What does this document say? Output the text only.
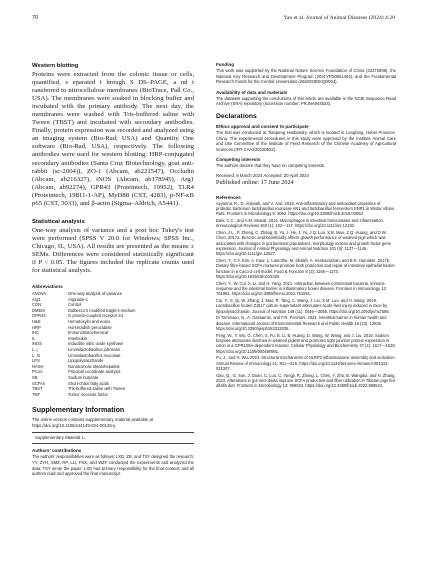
70	Yao et al. Journal of Animal Diseases (2024) 4:20
Western blotting

Proteins were extracted from the colonic tissue or cells, quantified, s eparated t hrough S DS–PAGE, a nd t ransferred to nitrocellulose membranes (BioTrace, Pall Co., USA). The membranes were soaked in blocking buffer and incubated with the primary antibody. The next day, the membranes were washed with Tris-buffered saline with Tween (TBST) and incubated with secondary antibodies. Finally, protein expression was recorded and analyzed using an imaging system (Bio-Rad, USA) and Quantity One software (Bio-Rad, USA), respectively. The following antibodies were used for western blotting: HRP-conjugated secondary antibodies (Santa Cruz Biotechnology, goat anti-rabbit (sc-2004)), ZO-1 (Abcam, ab221547), Occludin (Abcam, ab216327), iNOS (Abcam, ab178945), Arg1 (Abcam, ab92274), GPR43 (Proteintech, 19952), TLR4 (Proteintech, 19811-1-AP), MyD88 (CST, 4283), p-NF-κB p65 (CST, 3033), and β-actin (Sigma–Aldrich, A5441).

Statistical analysis

One-way analysis of variance and a post hoc Tukey's test were performed (SPSS V 20.0 for Windows; SPSS Inc., Chicago, IL, USA). All results are presented as the means ± SEMs. Differences were considered statistically significant if P < 0.05. The figures included the replicate counts used for statistical analysis.

Abbreviations
ANOVA	One-way analysis of variance
Arg1	Arginase-1
CON	Control
DMEM	Dulbecco's modified Eagle's medium
GPR43	G protein-coupled receptor 43
H&E	Hematoxylin and eosin
HRP	Horseradish peroxidase
IHC	Immunohistochemical
IL	Interleukin
iNOS	Inducible nitric oxide synthase
L. j	Limosilactobacillus johnsonii
L. m	Limosilactobacillus mucosae
LPS	Lipopolysaccharide
NASH	Nonalcoholic steatohepatitis
PCoA	Principal coordinate analysis
SB	Sodium butyrate
SCFAs	Short-chain fatty acids
TBST	Tris-buffered saline with Tween
TNF	Tumor necrosis factor
Supplementary Information

The online version contains supplementary material available at https://doi.org/10.1186/s44149-024-00125-y.

Supplementary Material 1.
Authors' contributions

The authors' responsibilities were as follows: LXD, ZB, and TSY designed the research; YY, ZYH, SMZ, RP, LLI, FSX, and WZF conducted the experiments and analyzed the data; TSY wrote the paper; LXD had primary responsibility for the final content; and all authors read and approved the final manuscript.

Funding

This work was supported by the National Nature Science Foundation of China (32272898), the National Key Research and Development Program (2021YFD0601404), and the Fundamental Research Funds for the Central Universities (2662020DKQD004).

Availability of data and materials

The datasets supporting the conclusions of this article are available in the NCBI Sequence Read Archive (SRA) repository (accession number: PRJNA944824).

Declarations
Ethics approval and consent to participate

The trial was conducted at Tianpeng Husbandry, which is located in Langfang, Hebei Province, China. The experimental procedures in this study were approved by the Institute Animal Care and Use Committee of the Institute of Feed Research of the Chinese Academy of Agricultural Sciences (IFR-CAAS20220922).

Competing interests

The authors declare that they have no competing interests.

Received: 8 March 2024 Accepted: 30 April 2024
Published online: 17 June 2024
References

Ayyanna, R., D. Ankaiah, and V. Arul. 2018. Anti-inflammatory and antioxidant properties of probiotic bacterium lactobacillus mucosae AN1 and lactobacillus fermentum SNR1 in Wistar Albino Rats. Frontiers in Microbiology 9: 3063. https://doi.org/10.3389/fmicb.2018.03063.

Bain, C.C., and A.M. Mowat. 2014. Macrophages in intestinal homeostasis and inflammation. Immunological Reviews 260 (1): 102—117. https://doi.org/10.1111/imr.12192.

Chen, J.L., P. Zheng, C. Zhang, B. Yu, J. He, J. Yu, J.Q. Luo, X.B. Mao, Z.Q. Huang, and D.W. Chen. 2017a. Benzoic acid beneficially affects growth performance of weaned pigs which was associated with changes in gut bacterial populations, morphology indices and growth factor gene expression. Journal of Animal Physiology and Animal Nutrition 101 (6): 1137—1146. https://doi.org/10.1111/jpn.12627.

Chen, T., C.Y. Kim, A. Kaur, L. Lamothe, M. Shaikh, A. Keshavarzian, and B.R. Hamaker. 2017b. Dietary fibre-based SCFA mixtures promote both protection and repair of intestinal epithelial barrier function in a Caco-2 cell model. Food & Function 8 (3): 1166—1173. https://doi.org/10.1039/c6fo01532h.

Chen, Y., W. Cui, X. Li, and H. Yang. 2021. Interaction between commensal bacteria, immune response and the intestinal barrier in inflammatory bowel disease. Frontiers in Immunology 12: 761981. https://doi.org/10.3389/fimmu.2021.761981.

Cui, Y., S. Qi, W. Zhang, J. Mao, R. Tang, C. Wang, J. Liu, X.M. Luo, and H. Wang. 2019. Lactobacillus reuteri ZJ617 culture supernatant attenuates acute liver injury induced in mice by lipopolysaccharide. Journal of Nutrition 149 (11): 2046—2055. https://doi.org/10.1093/jn/nxz088.

Di Tommaso, N., A. Gasbarrini, and F.R. Ponziani. 2021. Intestinal barrier in human health and disease. International Journal of Environmental Research and Public Health 18 (23): 12836. https://doi.org/10.3390/ijerph182312836.

Feng, W., Y. Wu, G. Chen, S. Fu, B. Li, B. Huang, D. Wang, W. Wang, and J. Liu. 2018. Sodium butyrate attenuates diarrhea in weaned piglets and promotes tight junction protein expression in colon in a GPR109A-dependent manner. Cellular Physiology and Biochemistry 47 (4): 1617—1629. https://doi.org/10.1159/000490981.

Fu, J., and H. Wu. 2023. Structural mechanisms of NLRP3 inflammasome assembly and activation. Annual Review of Immunology 41: 301—316. https://doi.org/10.1146/annurev-immunol-081022-021207.

Gao, Q., G. Sun, J. Duan, C. Luo, C. Yangji, R. Zhong, L. Chen, Y. Zhu, B. Wangdui, and H. Zhang. 2022. Alterations in gut microbiota improve SCFA production and fiber utilization in Tibetan pigs fed alfalfa diet. Frontiers in Microbiology 13: 969524. https://doi.org/10.3389/fmicb.2022.969524.
